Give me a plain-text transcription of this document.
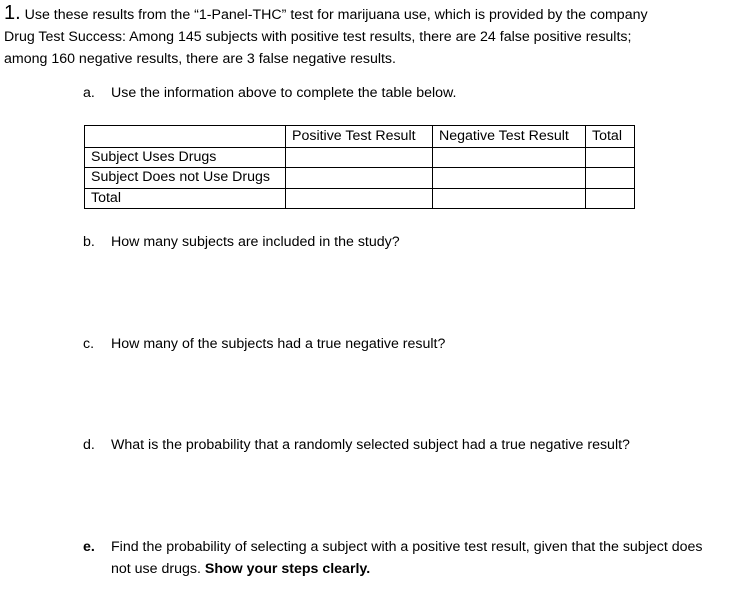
1. Use these results from the “1-Panel-THC” test for marijuana use, which is provided by the company
Drug Test Success: Among 145 subjects with positive test results, there are 24 false positive results;
among 160 negative results, there are 3 false negative results.

a.	Use the information above to complete the table below.
	Positive Test Result	Negative Test Result	Total
Subject Uses Drugs			
Subject Does not Use Drugs			
Total			
b.	How many subjects are included in the study?
c.	How many of the subjects had a true negative result?
d.	What is the probability that a randomly selected subject had a true negative result?
e.	Find the probability of selecting a subject with a positive test result, given that the subject does not use drugs. Show your steps clearly.
